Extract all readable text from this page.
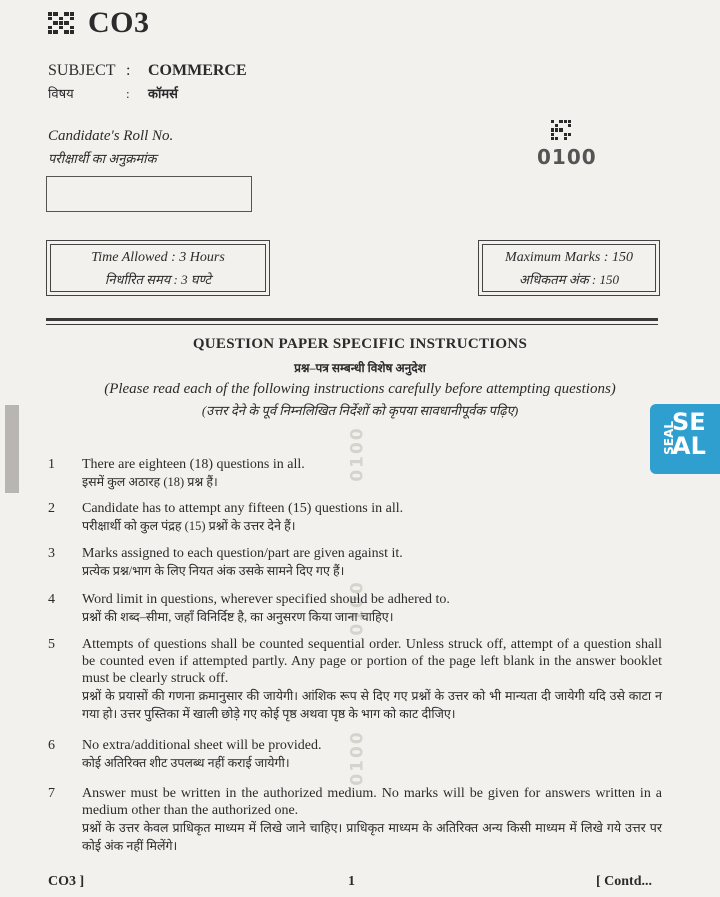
CO3
SUBJECT : COMMERCE
विषय	: कॉमर्स
Candidate's Roll No.
परीक्षार्थी का अनुक्रमांक	0100
Time Allowed : 3 Hours
निर्धारित समय : 3 घण्टे
Maximum Marks : 150
अधिकतम अंक : 150
QUESTION PAPER SPECIFIC INSTRUCTIONS
प्रश्न–पत्र सम्बन्धी विशेष अनुदेश
(Please read each of the following instructions carefully before attempting questions)
(उत्तर देने के पूर्व निम्नलिखित निर्देशों को कृपया सावधानीपूर्वक पढ़िए)
0100
0100
0100
1	There are eighteen (18) questions in all.
इसमें कुल अठारह (18) प्रश्न हैं।
2	Candidate has to attempt any fifteen (15) questions in all.
परीक्षार्थी को कुल पंद्रह (15) प्रश्नों के उत्तर देने हैं।
3	Marks assigned to each question/part are given against it.
प्रत्येक प्रश्न/भाग के लिए नियत अंक उसके सामने दिए गए हैं।
4	Word limit in questions, wherever specified should be adhered to.
प्रश्नों की शब्द–सीमा, जहाँ विनिर्दिष्ट है, का अनुसरण किया जाना चाहिए।
5	Attempts of questions shall be counted sequential order. Unless struck off, attempt of a question shall be counted even if attempted partly. Any page or portion of the page left blank in the answer booklet must be clearly struck off.
प्रश्नों के प्रयासों की गणना क्रमानुसार की जायेगी। आंशिक रूप से दिए गए प्रश्नों के उत्तर को भी मान्यता दी जायेगी यदि उसे काटा न गया हो। उत्तर पुस्तिका में खाली छोड़े गए कोई पृष्ठ अथवा पृष्ठ के भाग को काट दीजिए।
6	No extra/additional sheet will be provided.
कोई अतिरिक्त शीट उपलब्ध नहीं कराई जायेगी।
7	Answer must be written in the authorized medium. No marks will be given for answers written in a medium other than the authorized one.
प्रश्नों के उत्तर केवल प्राधिकृत माध्यम में लिखे जाने चाहिए। प्राधिकृत माध्यम के अतिरिक्त अन्य किसी माध्यम में लिखे गये उत्तर पर कोई अंक नहीं मिलेंगे।
SEAL
SE AL
CO3 ]	1	[ Contd...
